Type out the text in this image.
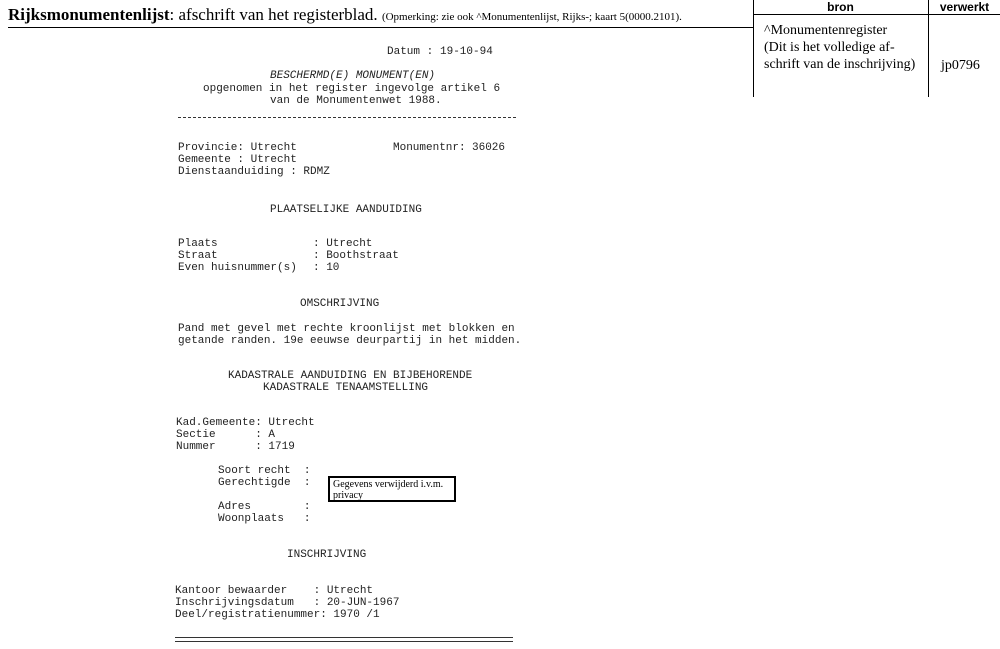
Rijksmonumentenlijst: afschrift van het registerblad. (Opmerking: zie ook ^Monumentenlijst, Rijks-; kaart 5(0000.2101).
bron	verwerkt
^Monumentenregister
(Dit is het volledige af-
schrift van de inschrijving)	jp0796
Datum : 19-10-94
BESCHERMD(E) MONUMENT(EN)
opgenomen in het register ingevolge artikel 6
van de Monumentenwet 1988.
Provincie: Utrecht
Gemeente : Utrecht
Dienstaanduiding : RDMZ
Monumentnr: 36026
PLAATSELIJKE AANDUIDING
Plaats	: Utrecht
Straat	: Boothstraat
Even huisnummer(s) : 10
OMSCHRIJVING
Pand met gevel met rechte kroonlijst met blokken en
getande randen. 19e eeuwse deurpartij in het midden.
KADASTRALE AANDUIDING EN BIJBEHORENDE
KADASTRALE TENAAMSTELLING
Kad.Gemeente: Utrecht
Sectie      : A
Nummer      : 1719
Soort recht  :
Gerechtigde  :	Gegevens verwijderd i.v.m. privacy
Adres        :
Woonplaats   :
INSCHRIJVING
Kantoor bewaarder    : Utrecht
Inschrijvingsdatum   : 20-JUN-1967
Deel/registratienummer: 1970 /1
